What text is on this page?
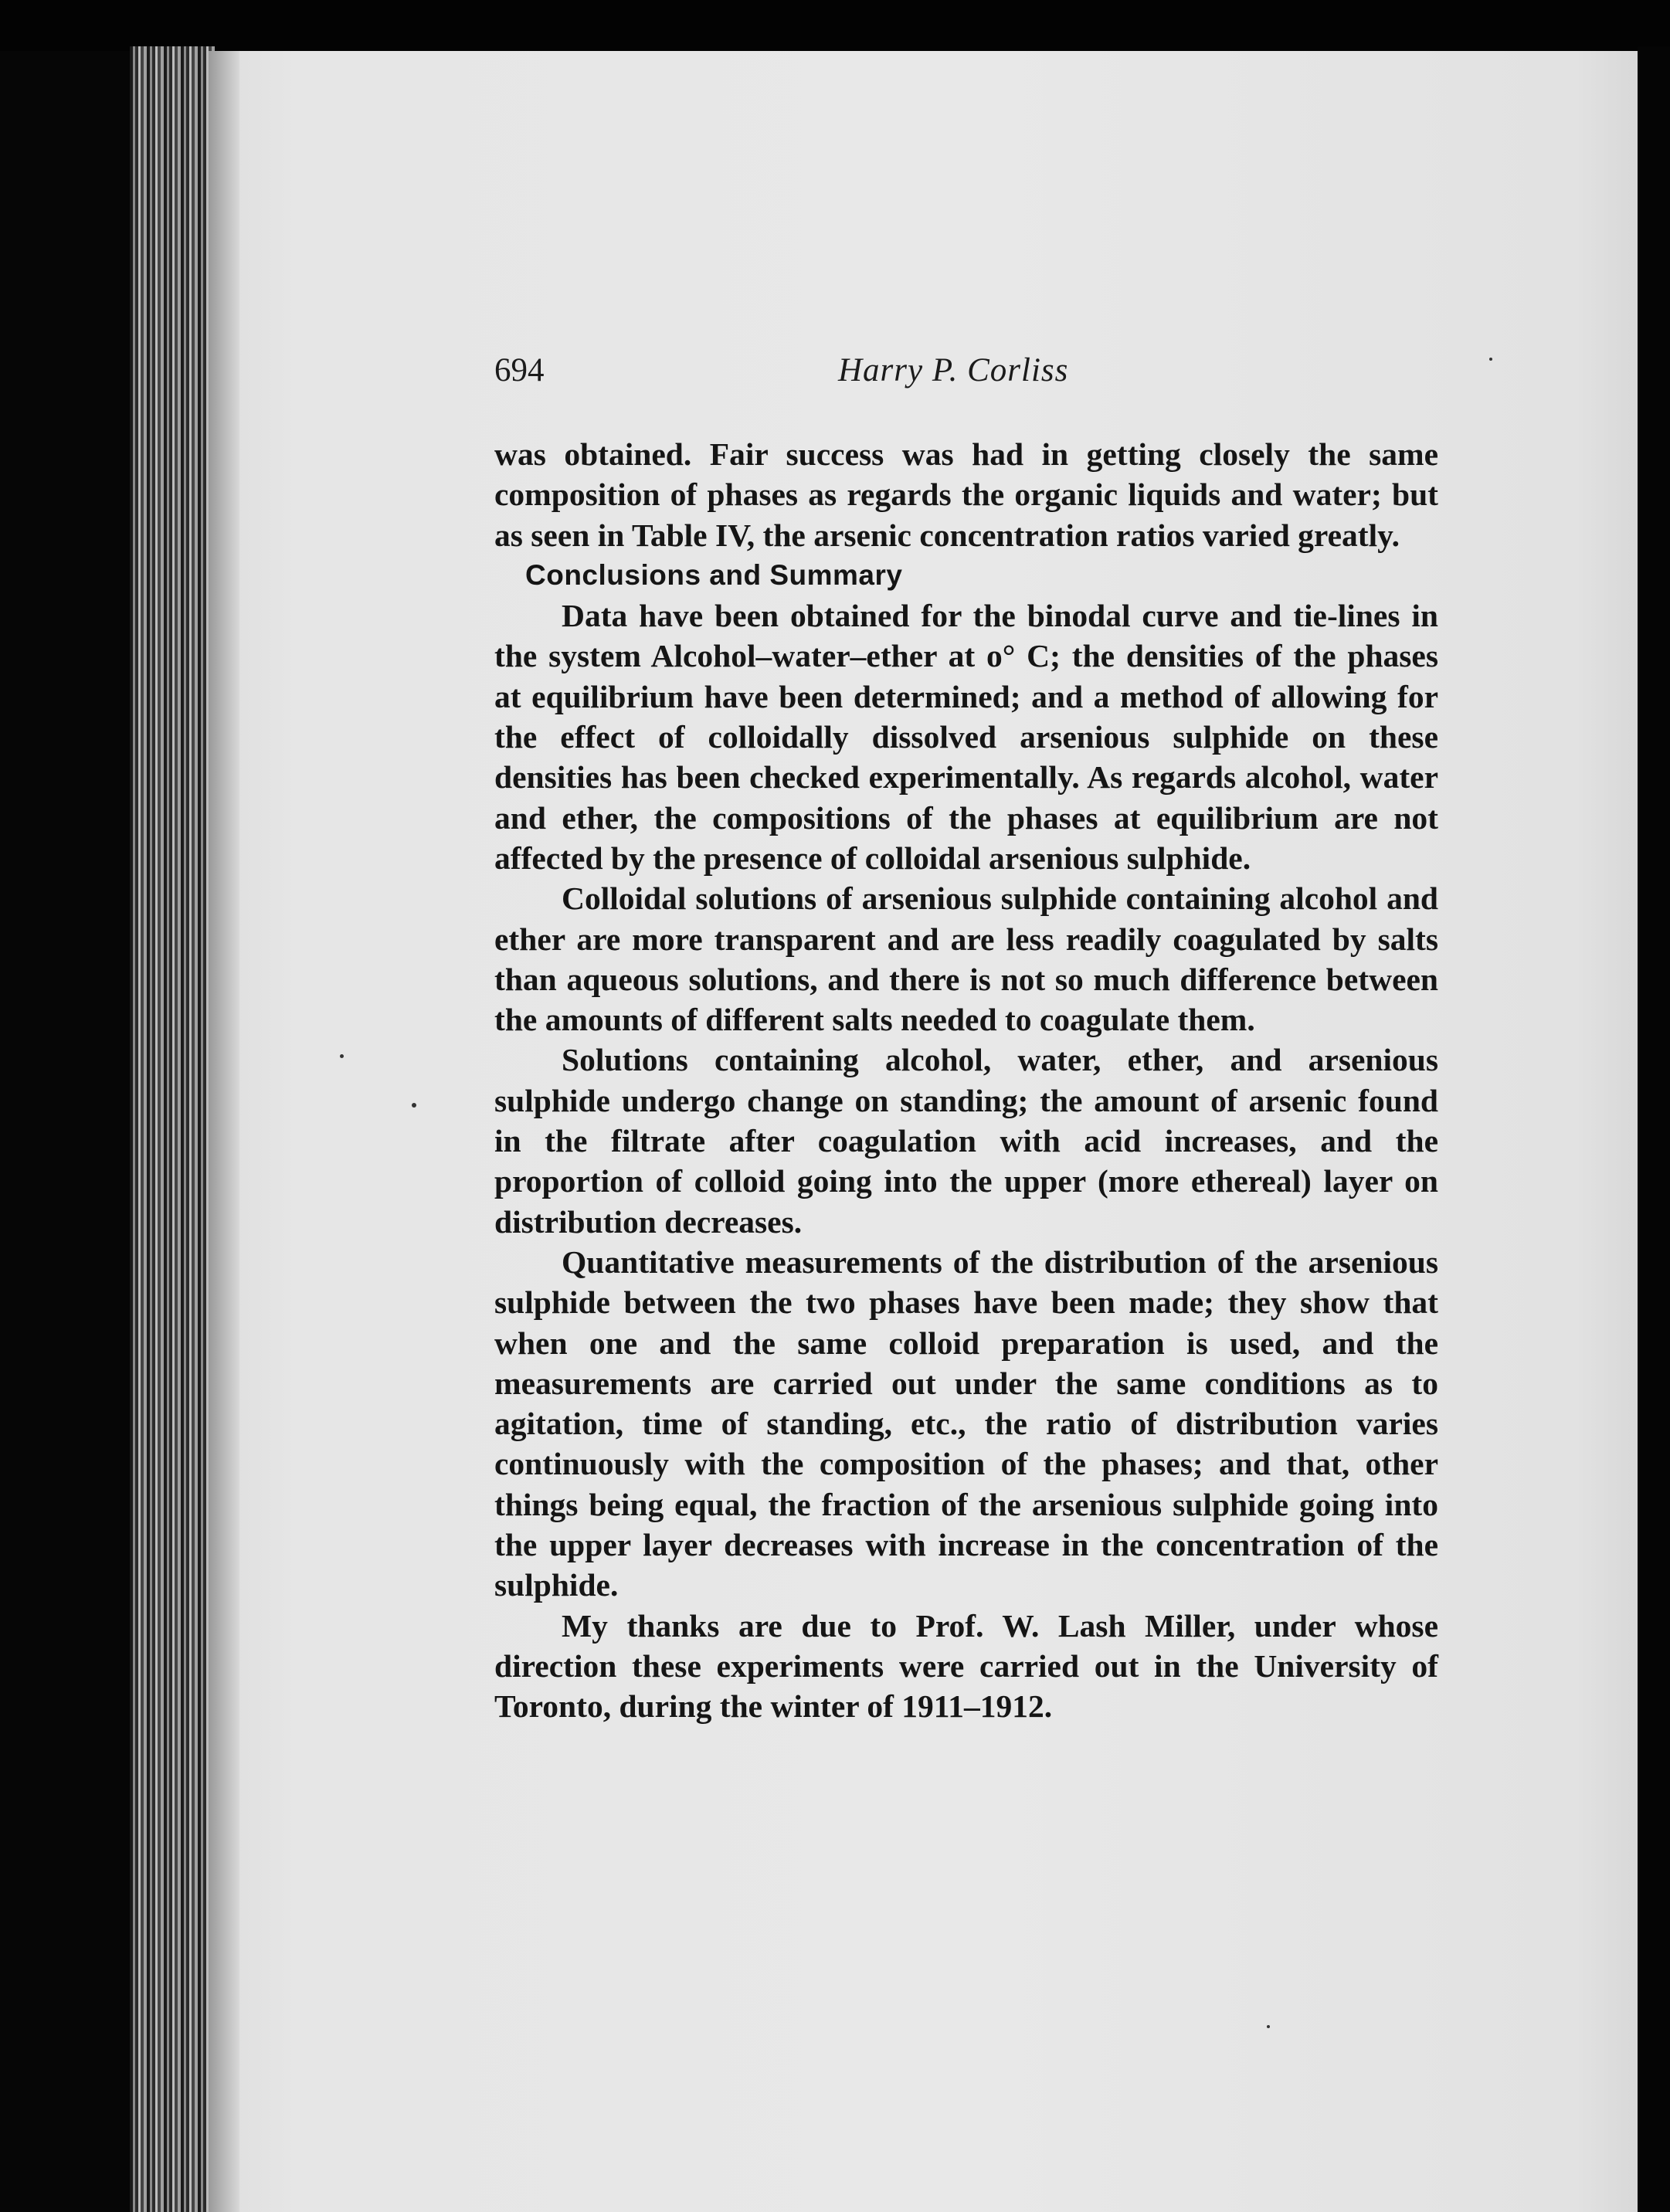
694	Harry P. Corliss

was obtained. Fair success was had in getting closely the same composition of phases as regards the organic liquids and water; but as seen in Table IV, the arsenic concentration ratios varied greatly.

Conclusions and Summary

Data have been obtained for the binodal curve and tie-lines in the system Alcohol–water–ether at o° C; the densities of the phases at equilibrium have been determined; and a method of allowing for the effect of colloidally dissolved arsenious sulphide on these densities has been checked experimentally. As regards alcohol, water and ether, the compositions of the phases at equilibrium are not affected by the presence of colloidal arsenious sulphide.

Colloidal solutions of arsenious sulphide containing alcohol and ether are more transparent and are less readily coagulated by salts than aqueous solutions, and there is not so much difference between the amounts of different salts needed to coagulate them.

Solutions containing alcohol, water, ether, and arsenious sulphide undergo change on standing; the amount of arsenic found in the filtrate after coagulation with acid increases, and the proportion of colloid going into the upper (more ethereal) layer on distribution decreases.

Quantitative measurements of the distribution of the arsenious sulphide between the two phases have been made; they show that when one and the same colloid preparation is used, and the measurements are carried out under the same conditions as to agitation, time of standing, etc., the ratio of distribution varies continuously with the composition of the phases; and that, other things being equal, the fraction of the arsenious sulphide going into the upper layer decreases with increase in the concentration of the sulphide.

My thanks are due to Prof. W. Lash Miller, under whose direction these experiments were carried out in the University of Toronto, during the winter of 1911–1912.
